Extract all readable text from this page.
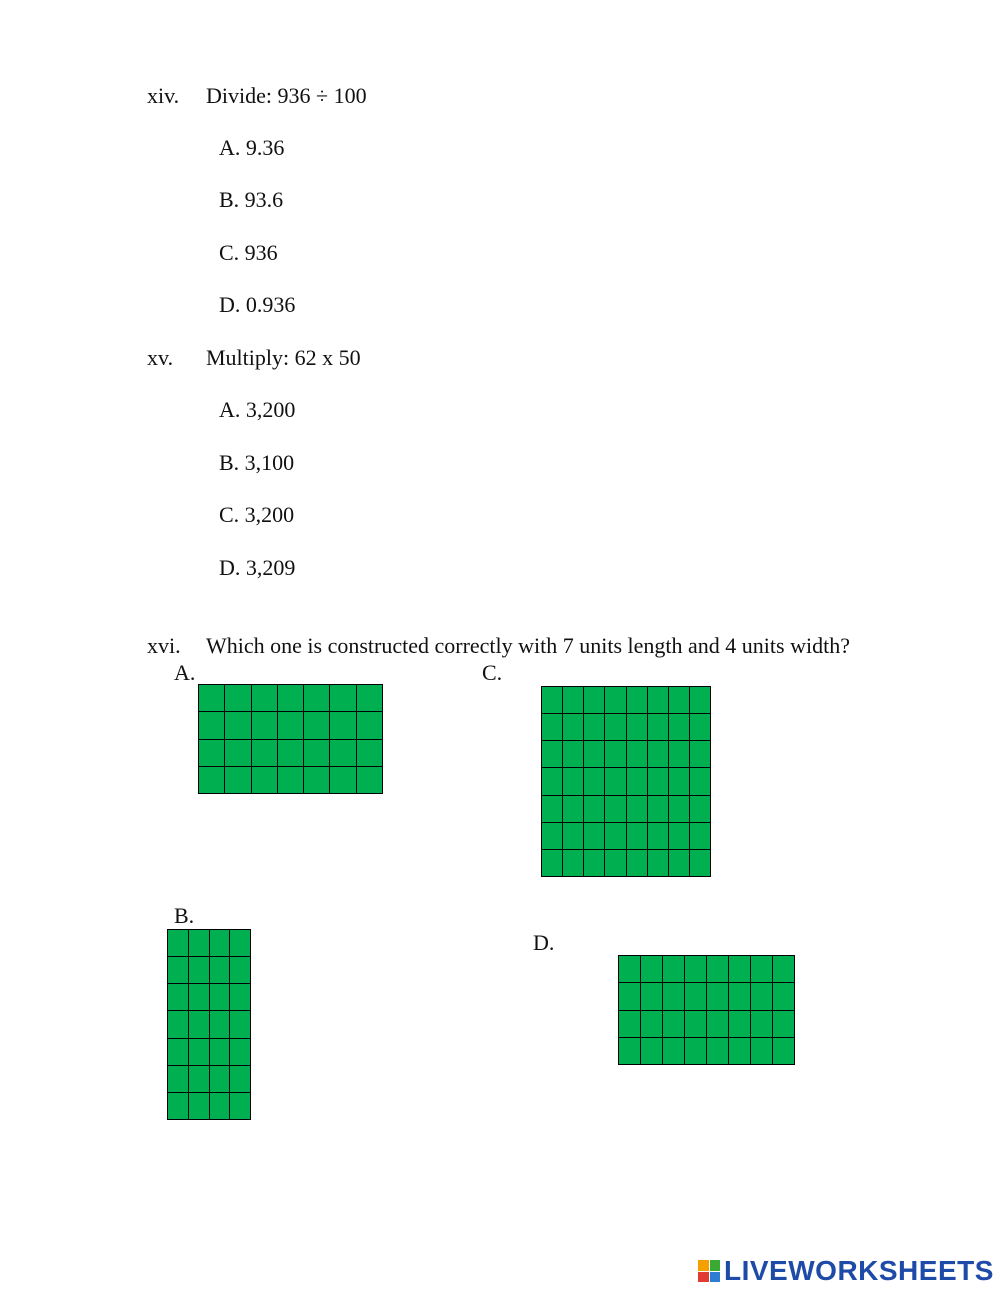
xiv. Divide: 936 ÷ 100
A. 9.36
B. 93.6
C. 936
D. 0.936
xv. Multiply: 62 x 50
A. 3,200
B. 3,100
C. 3,200
D. 3,209
xvi. Which one is constructed correctly with 7 units length and 4 units width?
A.	C.
B.
D.
LIVEWORKSHEETS
